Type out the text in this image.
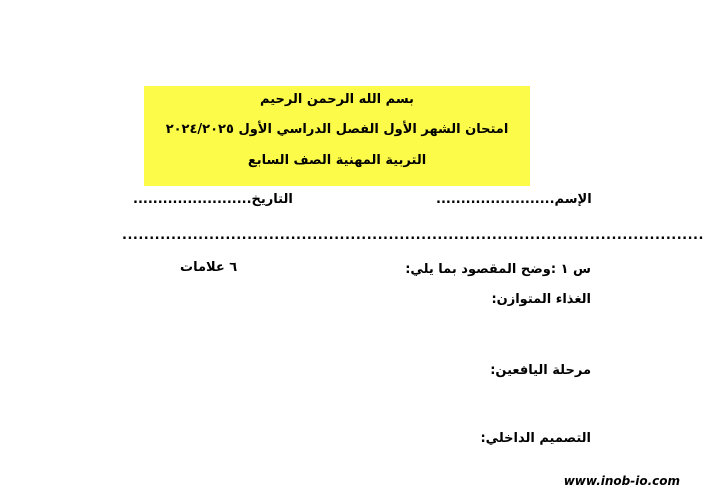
بسم الله الرحمن الرحيم
امتحان الشهر الأول الفصل الدراسي الأول ٢٠٢٤/٢٠٢٥
التربية المهنية الصف السابع
........................الإسم
........................التاريخ
...........................................................................................................
س ١ :وضح المقصود بما يلي:
٦ علامات
الغذاء المتوازن:
مرحلة اليافعين:
التصميم الداخلي:
www.inob-io.com
